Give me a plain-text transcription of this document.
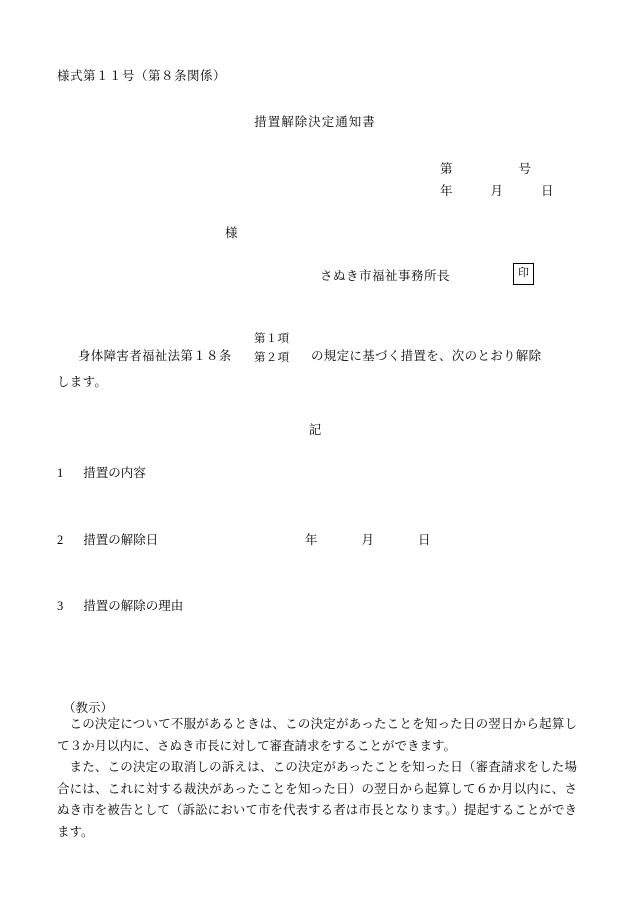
様式第１１号（第８条関係）
措置解除決定通知書
第	号
年	月	日
様
さぬき市福祉事務所長	印
身体障害者福祉法第１８条
第１項
第２項 の規定に基づく措置を、次のとおり解除
します。
記
1 措置の内容
2 措置の解除日	年	月	日
3 措置の解除の理由
（教示）

この決定について不服があるときは、この決定があったことを知った日の翌日から起算して３か月以内に、さぬき市長に対して審査請求をすることができます。

また、この決定の取消しの訴えは、この決定があったことを知った日（審査請求をした場合には、これに対する裁決があったことを知った日）の翌日から起算して６か月以内に、さぬき市を被告として（訴訟において市を代表する者は市長となります。）提起することができます。
